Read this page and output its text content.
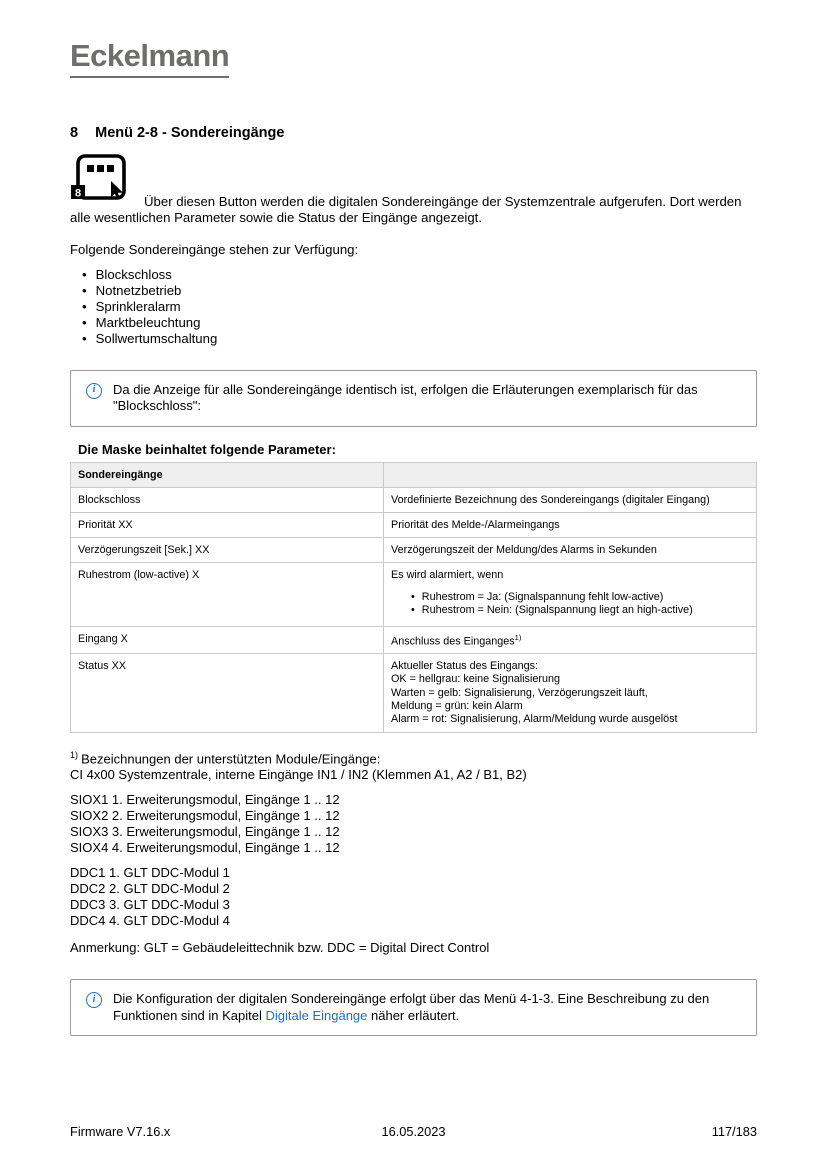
Eckelmann
8 Menü 2-8 - Sondereingänge
8

Über diesen Button werden die digitalen Sondereingänge der Systemzentrale aufgerufen. Dort werden alle wesentlichen Parameter sowie die Status der Eingänge angezeigt.

Folgende Sondereingänge stehen zur Verfügung:

• Blockschloss
• Notnetzbetrieb
• Sprinkleralarm
• Marktbeleuchtung
• Sollwertumschaltung
i	Da die Anzeige für alle Sondereingänge identisch ist, erfolgen die Erläuterungen exemplarisch für das "Blockschloss":

Die Maske beinhaltet folgende Parameter:

Sondereingänge	
Blockschloss	Vordefinierte Bezeichnung des Sondereingangs (digitaler Eingang)
Priorität XX	Priorität des Melde-/Alarmeingangs
Verzögerungszeit [Sek.] XX	Verzögerungszeit der Meldung/des Alarms in Sekunden
Ruhestrom (low-active) X	Es wird alarmiert, wenn
• Ruhestrom = Ja: (Signalspannung fehlt low-active)
• Ruhestrom = Nein: (Signalspannung liegt an high-active)

Eingang X	Anschluss des Einganges$^{1)}$
Status XX	Aktueller Status des Eingangs:
OK = hellgrau: keine Signalisierung
Warten = gelb: Signalisierung, Verzögerungszeit läuft,
Meldung = grün: kein Alarm
Alarm = rot: Signalisierung, Alarm/Meldung wurde ausgelöst
$^{1)}$ Bezeichnungen der unterstützten Module/Eingänge:
CI 4x00 Systemzentrale, interne Eingänge IN1 / IN2 (Klemmen A1, A2 / B1, B2)
SIOX1 1. Erweiterungsmodul, Eingänge 1 .. 12
SIOX2 2. Erweiterungsmodul, Eingänge 1 .. 12
SIOX3 3. Erweiterungsmodul, Eingänge 1 .. 12
SIOX4 4. Erweiterungsmodul, Eingänge 1 .. 12
DDC1 1. GLT DDC-Modul 1
DDC2 2. GLT DDC-Modul 2
DDC3 3. GLT DDC-Modul 3
DDC4 4. GLT DDC-Modul 4

Anmerkung: GLT = Gebäudeleittechnik bzw. DDC = Digital Direct Control

i	Die Konfiguration der digitalen Sondereingänge erfolgt über das Menü 4-1-3. Eine Beschreibung zu den Funktionen sind in Kapitel Digitale Eingänge näher erläutert.
Firmware V7.16.x	16.05.2023	117/183
